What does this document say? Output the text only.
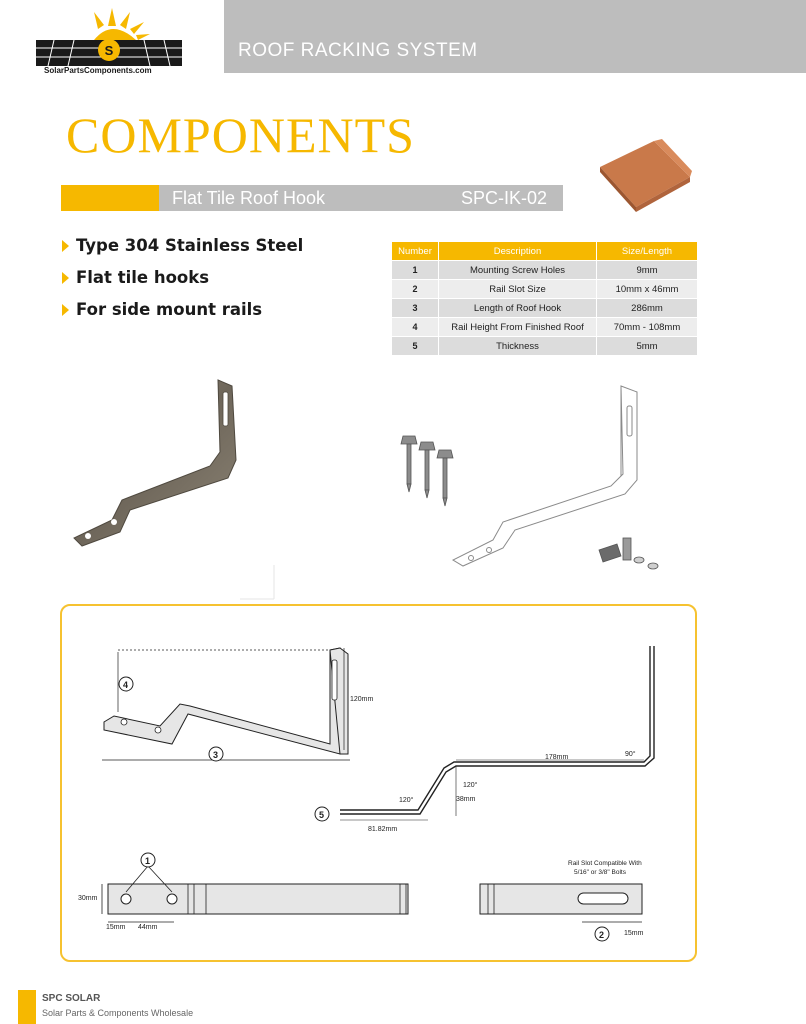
S
SolarPartsComponents.com
ROOF RACKING SYSTEM
COMPONENTS
Flat Tile Roof Hook	SPC-IK-02
Type 304 Stainless Steel
Flat tile hooks
For side mount rails
Number	Description	Size/Length
1	Mounting Screw Holes	9mm
2	Rail Slot Size	10mm x 46mm
3	Length of Roof Hook	286mm
4	Rail Height From Finished Roof	70mm - 108mm
5	Thickness	5mm
4
3
5
1
2
120mm
178mm	90°
120°
120°	38mm
81.82mm
30mm
15mm 44mm
15mm
Rail Slot Compatible With
5/16" or 3/8" Bolts
SPC SOLAR
Solar Parts & Components Wholesale
